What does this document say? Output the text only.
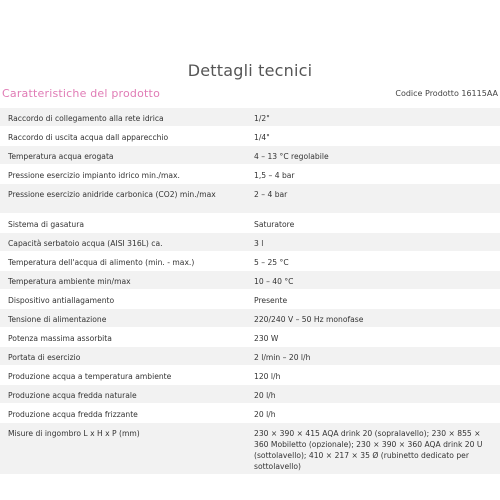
Dettagli tecnici
Caratteristiche del prodotto	Codice Prodotto 16115AA
Raccordo di collegamento alla rete idrica	1/2"
Raccordo di uscita acqua dall apparecchio	1/4"
Temperatura acqua erogata	4 – 13 °C regolabile
Pressione esercizio impianto idrico min./max.	1,5 – 4 bar
Pressione esercizio anidride carbonica (CO2) min./max	2 – 4 bar
Sistema di gasatura	Saturatore
Capacità serbatoio acqua (AISI 316L) ca.	3 l
Temperatura dell'acqua di alimento (min. - max.)	5 – 25 °C
Temperatura ambiente min/max	10 – 40 °C
Dispositivo antiallagamento	Presente
Tensione di alimentazione	220/240 V – 50 Hz monofase
Potenza massima assorbita	230 W
Portata di esercizio	2 l/min – 20 l/h
Produzione acqua a temperatura ambiente	120 l/h
Produzione acqua fredda naturale	20 l/h
Produzione acqua fredda frizzante	20 l/h
Misure di ingombro L x H x P (mm)	230 × 390 × 415 AQA drink 20 (sopralavello); 230 × 855 × 360 Mobiletto (opzionale); 230 × 390 × 360 AQA drink 20 U (sottolavello); 410 × 217 × 35 Ø (rubinetto dedicato per sottolavello)
